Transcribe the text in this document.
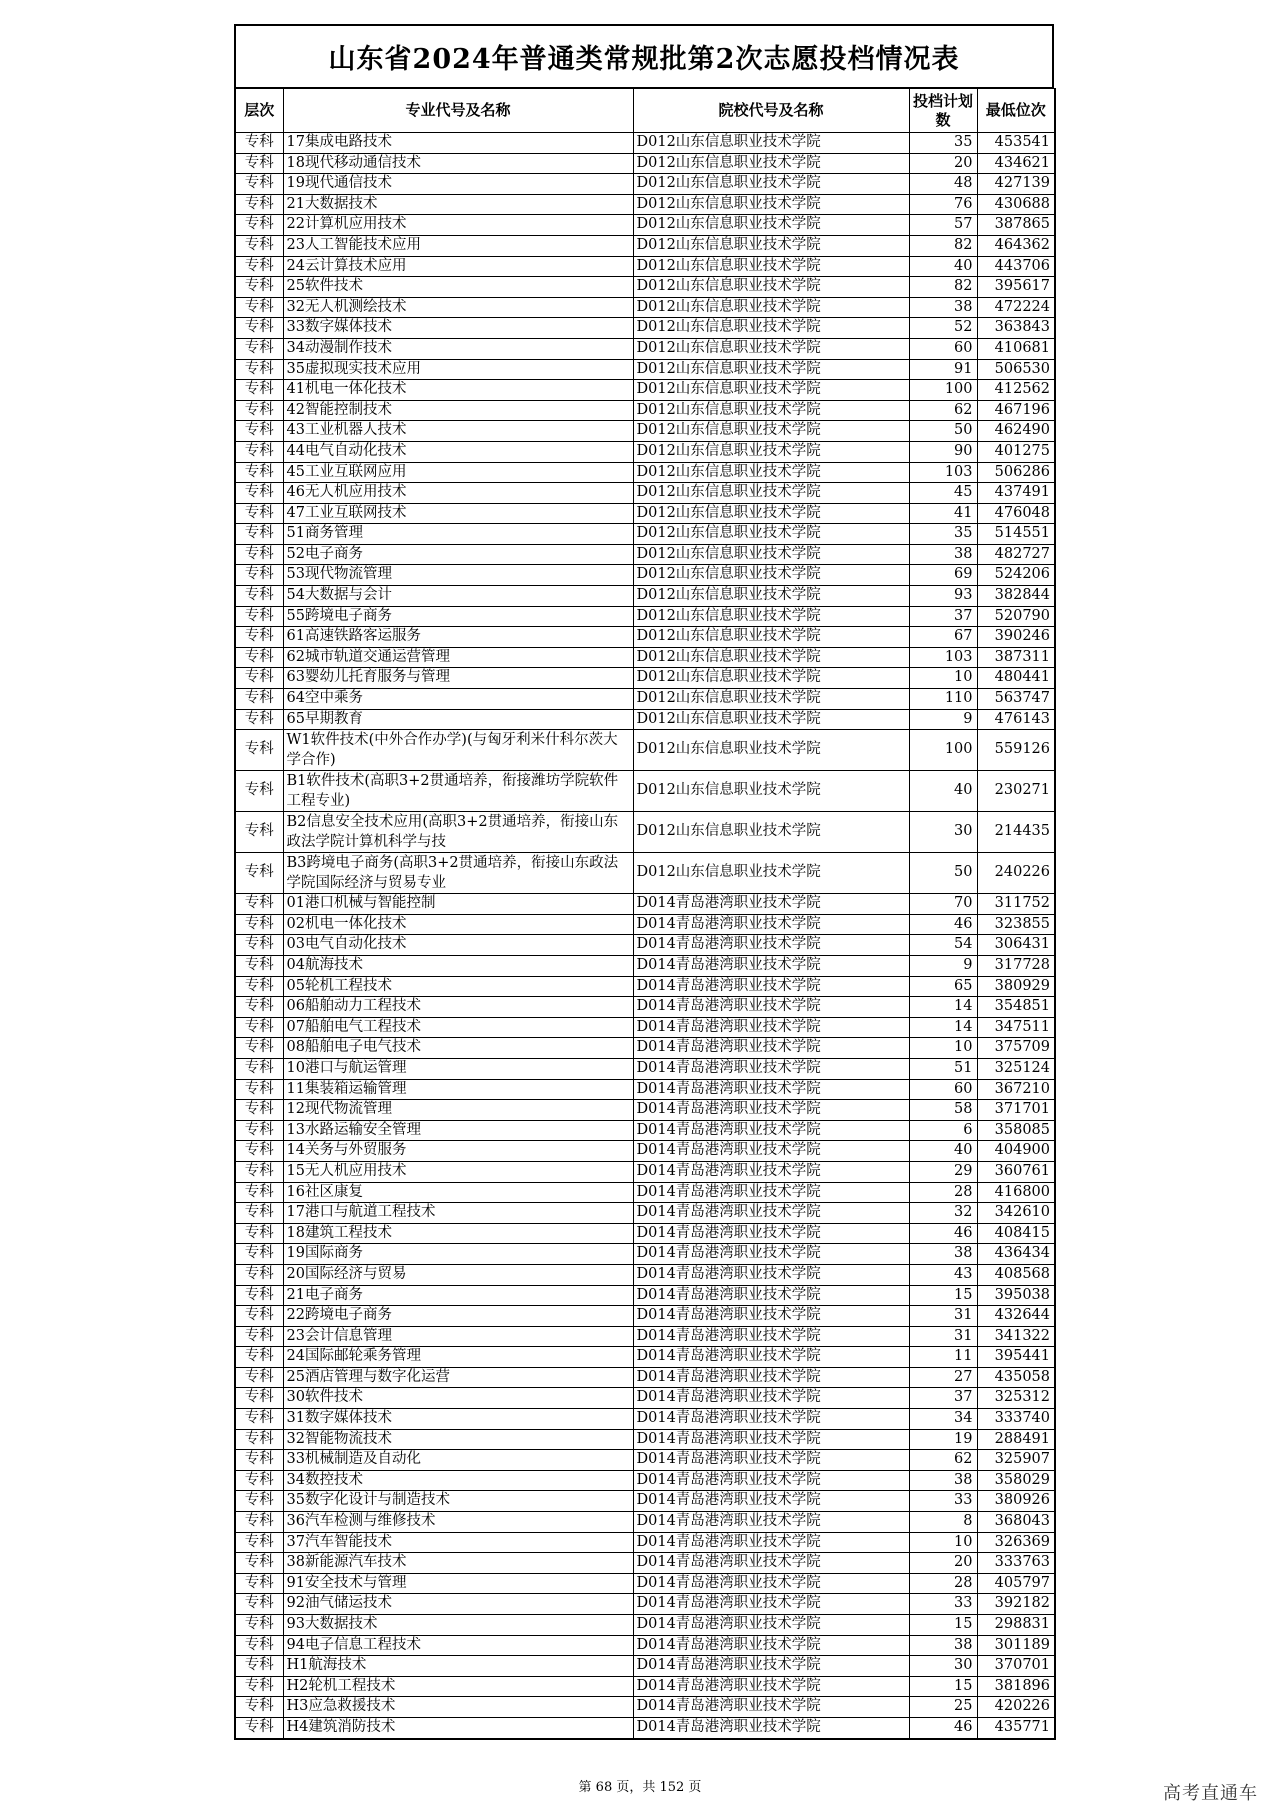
山东省2024年普通类常规批第2次志愿投档情况表
层次	专业代号及名称	院校代号及名称	投档计划数	最低位次
专科	17集成电路技术	D012山东信息职业技术学院	35	453541
专科	18现代移动通信技术	D012山东信息职业技术学院	20	434621
专科	19现代通信技术	D012山东信息职业技术学院	48	427139
专科	21大数据技术	D012山东信息职业技术学院	76	430688
专科	22计算机应用技术	D012山东信息职业技术学院	57	387865
专科	23人工智能技术应用	D012山东信息职业技术学院	82	464362
专科	24云计算技术应用	D012山东信息职业技术学院	40	443706
专科	25软件技术	D012山东信息职业技术学院	82	395617
专科	32无人机测绘技术	D012山东信息职业技术学院	38	472224
专科	33数字媒体技术	D012山东信息职业技术学院	52	363843
专科	34动漫制作技术	D012山东信息职业技术学院	60	410681
专科	35虚拟现实技术应用	D012山东信息职业技术学院	91	506530
专科	41机电一体化技术	D012山东信息职业技术学院	100	412562
专科	42智能控制技术	D012山东信息职业技术学院	62	467196
专科	43工业机器人技术	D012山东信息职业技术学院	50	462490
专科	44电气自动化技术	D012山东信息职业技术学院	90	401275
专科	45工业互联网应用	D012山东信息职业技术学院	103	506286
专科	46无人机应用技术	D012山东信息职业技术学院	45	437491
专科	47工业互联网技术	D012山东信息职业技术学院	41	476048
专科	51商务管理	D012山东信息职业技术学院	35	514551
专科	52电子商务	D012山东信息职业技术学院	38	482727
专科	53现代物流管理	D012山东信息职业技术学院	69	524206
专科	54大数据与会计	D012山东信息职业技术学院	93	382844
专科	55跨境电子商务	D012山东信息职业技术学院	37	520790
专科	61高速铁路客运服务	D012山东信息职业技术学院	67	390246
专科	62城市轨道交通运营管理	D012山东信息职业技术学院	103	387311
专科	63婴幼儿托育服务与管理	D012山东信息职业技术学院	10	480441
专科	64空中乘务	D012山东信息职业技术学院	110	563747
专科	65早期教育	D012山东信息职业技术学院	9	476143
专科	W1软件技术(中外合作办学)(与匈牙利米什科尔茨大学合作)	D012山东信息职业技术学院	100	559126
专科	B1软件技术(高职3+2贯通培养，衔接潍坊学院软件工程专业)	D012山东信息职业技术学院	40	230271
专科	B2信息安全技术应用(高职3+2贯通培养，衔接山东政法学院计算机科学与技	D012山东信息职业技术学院	30	214435
专科	B3跨境电子商务(高职3+2贯通培养，衔接山东政法学院国际经济与贸易专业	D012山东信息职业技术学院	50	240226
专科	01港口机械与智能控制	D014青岛港湾职业技术学院	70	311752
专科	02机电一体化技术	D014青岛港湾职业技术学院	46	323855
专科	03电气自动化技术	D014青岛港湾职业技术学院	54	306431
专科	04航海技术	D014青岛港湾职业技术学院	9	317728
专科	05轮机工程技术	D014青岛港湾职业技术学院	65	380929
专科	06船舶动力工程技术	D014青岛港湾职业技术学院	14	354851
专科	07船舶电气工程技术	D014青岛港湾职业技术学院	14	347511
专科	08船舶电子电气技术	D014青岛港湾职业技术学院	10	375709
专科	10港口与航运管理	D014青岛港湾职业技术学院	51	325124
专科	11集装箱运输管理	D014青岛港湾职业技术学院	60	367210
专科	12现代物流管理	D014青岛港湾职业技术学院	58	371701
专科	13水路运输安全管理	D014青岛港湾职业技术学院	6	358085
专科	14关务与外贸服务	D014青岛港湾职业技术学院	40	404900
专科	15无人机应用技术	D014青岛港湾职业技术学院	29	360761
专科	16社区康复	D014青岛港湾职业技术学院	28	416800
专科	17港口与航道工程技术	D014青岛港湾职业技术学院	32	342610
专科	18建筑工程技术	D014青岛港湾职业技术学院	46	408415
专科	19国际商务	D014青岛港湾职业技术学院	38	436434
专科	20国际经济与贸易	D014青岛港湾职业技术学院	43	408568
专科	21电子商务	D014青岛港湾职业技术学院	15	395038
专科	22跨境电子商务	D014青岛港湾职业技术学院	31	432644
专科	23会计信息管理	D014青岛港湾职业技术学院	31	341322
专科	24国际邮轮乘务管理	D014青岛港湾职业技术学院	11	395441
专科	25酒店管理与数字化运营	D014青岛港湾职业技术学院	27	435058
专科	30软件技术	D014青岛港湾职业技术学院	37	325312
专科	31数字媒体技术	D014青岛港湾职业技术学院	34	333740
专科	32智能物流技术	D014青岛港湾职业技术学院	19	288491
专科	33机械制造及自动化	D014青岛港湾职业技术学院	62	325907
专科	34数控技术	D014青岛港湾职业技术学院	38	358029
专科	35数字化设计与制造技术	D014青岛港湾职业技术学院	33	380926
专科	36汽车检测与维修技术	D014青岛港湾职业技术学院	8	368043
专科	37汽车智能技术	D014青岛港湾职业技术学院	10	326369
专科	38新能源汽车技术	D014青岛港湾职业技术学院	20	333763
专科	91安全技术与管理	D014青岛港湾职业技术学院	28	405797
专科	92油气储运技术	D014青岛港湾职业技术学院	33	392182
专科	93大数据技术	D014青岛港湾职业技术学院	15	298831
专科	94电子信息工程技术	D014青岛港湾职业技术学院	38	301189
专科	H1航海技术	D014青岛港湾职业技术学院	30	370701
专科	H2轮机工程技术	D014青岛港湾职业技术学院	15	381896
专科	H3应急救援技术	D014青岛港湾职业技术学院	25	420226
专科	H4建筑消防技术	D014青岛港湾职业技术学院	46	435771
第 68 页，共 152 页	高考直通车
